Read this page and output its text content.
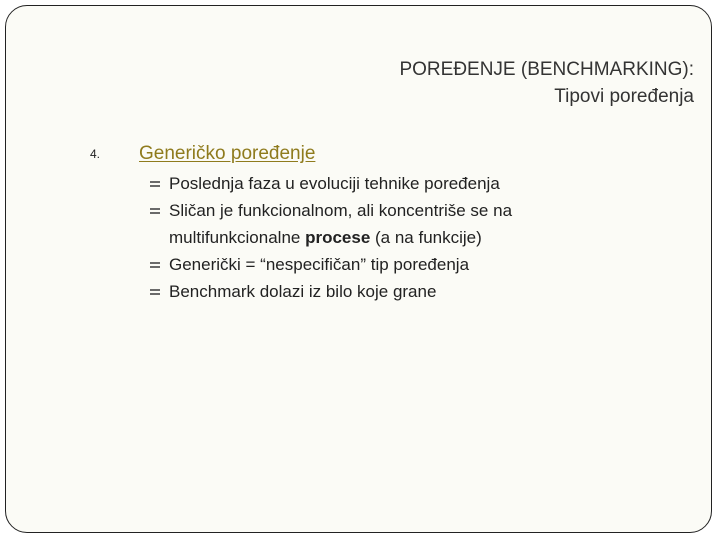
POREĐENJE (BENCHMARKING):
Tipovi poređenja
4. Generičko poređenje
Poslednja faza u evoluciji tehnike poređenja
Sličan je funkcionalnom, ali koncentriše se na multifunkcionalne procese (a na funkcije)
Generički = “nespecifičan” tip poređenja
Benchmark dolazi iz bilo koje grane
